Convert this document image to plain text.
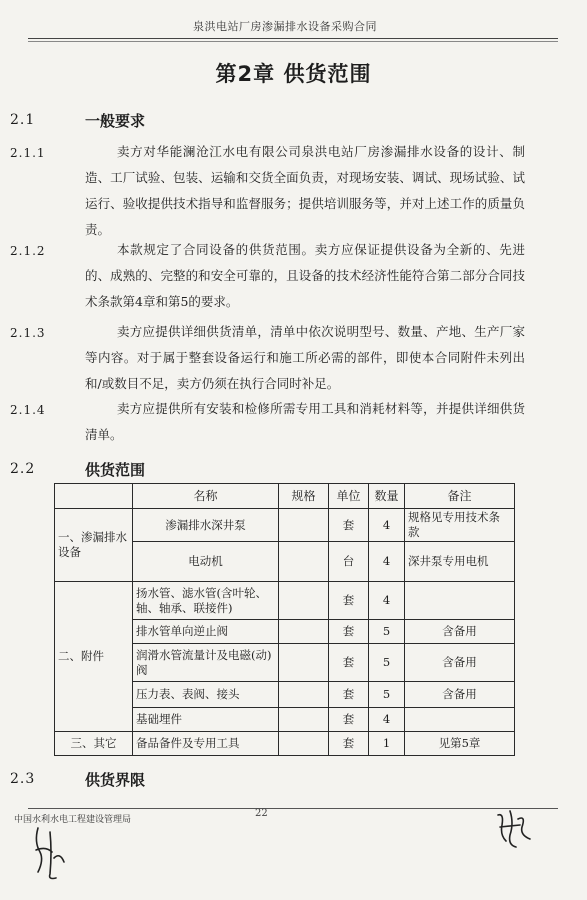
泉洪电站厂房渗漏排水设备采购合同
第2章 供货范围
2.1	一般要求
2.1.1	卖方对华能澜沧江水电有限公司泉洪电站厂房渗漏排水设备的设计、制造、工厂试验、包装、运输和交货全面负责，对现场安装、调试、现场试验、试运行、验收提供技术指导和监督服务；提供培训服务等，并对上述工作的质量负责。
2.1.2	本款规定了合同设备的供货范围。卖方应保证提供设备为全新的、先进的、成熟的、完整的和安全可靠的，且设备的技术经济性能符合第二部分合同技术条款第4章和第5的要求。
2.1.3	卖方应提供详细供货清单，清单中依次说明型号、数量、产地、生产厂家等内容。对于属于整套设备运行和施工所必需的部件，即使本合同附件未列出和/或数目不足，卖方仍须在执行合同时补足。
2.1.4	卖方应提供所有安装和检修所需专用工具和消耗材料等，并提供详细供货清单。
2.2	供货范围
	名称	规格	单位	数量	备注
一、渗漏排水设备	渗漏排水深井泵		套	4	规格见专用技术条款
	电动机		台	4	深井泵专用电机
二、附件	扬水管、滤水管(含叶轮、轴、轴承、联接件)		套	4	
	排水管单向逆止阀		套	5	含备用
	润滑水管流量计及电磁(动)阀		套	5	含备用
	压力表、表阀、接头		套	5	含备用
	基础埋件		套	4	
三、其它	备品备件及专用工具		套	1	见第5章
2.3	供货界限
中国水利水电工程建设管理局
22
